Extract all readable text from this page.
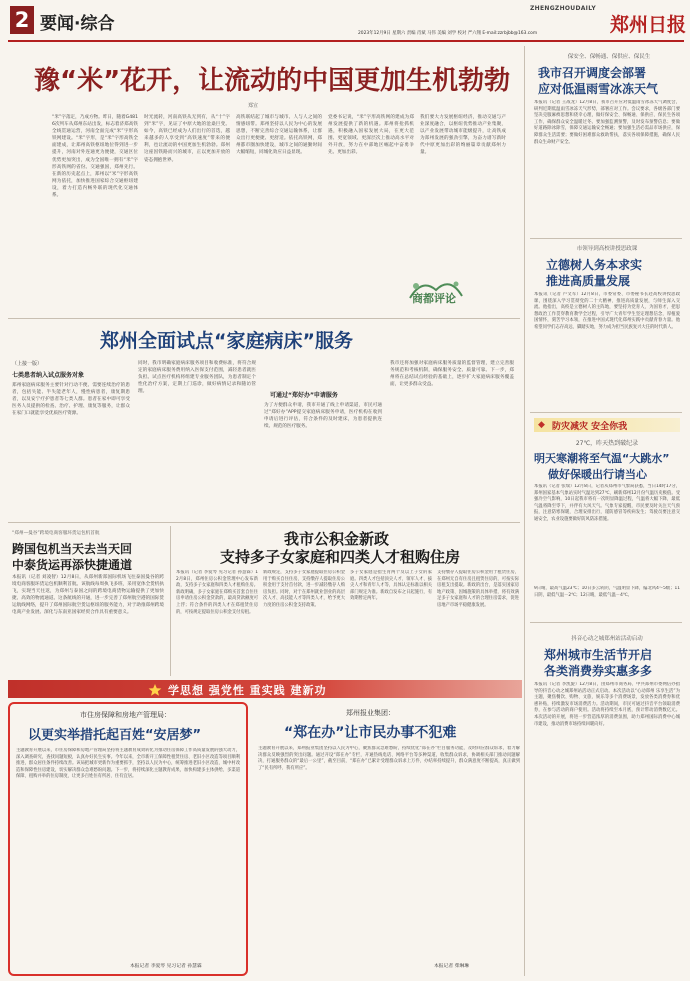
2 要闻·综合
ZHENGZHOUDAILY
郑州日报
2023年12月9日 星期六 责编 肖斌 马伟 美编 刘学 校对 严六翔 E-mail:zzrbjbb@163.com
豫“米”花开，让流动的中国更加生机勃勃
郑宣
“米”字落定，乃成方物。昨日，随着G4816次列车从郑州东站出发，标志着济郑高铁全线贯通运营，河南全面完成“米”字形高铁网建设。“米”字形，是“米”字形高铁全面建成，让郑州高铁枢纽地位得到进一步提升，河南对外连通更为便捷，交通区位优势更加突出，成为全国唯一拥有“米”字形高铁网的省份。交通强国，郑州先行。在新的历史起点上，郑州以“米”字形高铁网为依托，加快推进国家综合交通枢纽建设，着力打造内畅外联的现代化交通体系。
时光流转，河南高铁从无到有，从“十”字到“米”字，见证了中原大地的沧桑巨变。如今，高铁已经成为人们出行的首选，越来越多的人享受到“高铁速度”带来的便利，也让流动的中国更加生机勃勃。郑州这座因铁路而兴的城市，正以更加开放的姿态拥抱世界。
高铁联结起了城市与城市、人与人之间的情感纽带。郑州坚持以人民为中心的发展思想，不断完善综合交通运输体系，让群众出行更便捷、更舒适。依托高铁网，郑州都市圈加快建设，城市之间的通勤时间大幅缩短，同城化效应日益显现。
党委书记说，“米”字形高铁网的建成为郑州发展提供了新的机遇。郑州将抢抓机遇，积极融入国家发展大局，在更大范围、更宽领域、更深层次上推动高水平对外开放，努力在中部地区崛起中奋勇争先、更加出彩。
我们要大力发展枢纽经济，推动交通与产业深度融合，以枢纽优势推动产业集聚，以产业发展带动城市能级提升，让高铁成为郑州发展的强劲引擎，为奋力谱写新时代中原更加出彩的绚丽篇章贡献郑州力量。
商都评论
保安全、保畅通、保供应、保民生
我市召开调度会部署
应对低温雨雪冰冻天气
本报讯（记者 王战龙）12月8日，我市召开应对低温雨雪冰冻天气调度会，研判近期低温雨雪冰冻天气形势，部署应对工作。会议要求，各级各部门要坚决克服麻痹思想和侥幸心理，做好保安全、保畅通、保供应、保民生各项工作，确保群众安全温暖过冬。要加强监测预警，及时发布预警信息；要做好道路除冰除雪，保障交通运输安全畅通；要加强生活必需品市场供应，保障群众生活需要；要做好困难群众救助帮扶，落实各项保障措施，确保人民群众生命财产安全。
市领导到高校讲授思政课
立德树人务本求实
推进高质量发展
本报讯（记者 卢文军）12月8日，市委常委、市委秘书长赴高校讲授思政课，围绕深入学习贯彻党的二十大精神、推进高质量发展，与师生深入交流。他指出，高校是立德树人的主阵地，要坚持为党育人、为国育才，把思想政治工作贯穿教育教学全过程，引导广大青年学生坚定理想信念，厚植爱国情怀，刻苦学习本领，在推进中国式现代化郑州实践中贡献青春力量。他希望同学们志存高远、脚踏实地，努力成为担当民族复兴大任的时代新人。
郑州全面试点“家庭病床”服务
（上接一版）
七类患者纳入试点服务对象
郑州家庭病床服务主要针对行动不便、需要连续治疗的患者，包括失能、半失能老年人，慢性病患者，康复期患者，以及安宁疗护患者等七类人群。患者在家中即可享受医务人员提供的检查、治疗、护理、康复等服务，让群众在家门口就能享受优质医疗资源。
同时，我市明确家庭病床服务项目和收费标准，将符合规定的家庭病床服务费用纳入医保支付范围，减轻患者就医负担。试点医疗机构将组建专业服务团队，为患者制定个性化治疗方案，定期上门巡诊，做好病情记录和随访管理。
可通过“郑好办”申请服务
为了方便群众申请，我市开通了线上申请渠道，市民可通过“郑好办”APP提交家庭病床服务申请，医疗机构在收到申请后进行评估，符合条件的及时建床，为患者提供连续、规范的医疗服务。
我市还将加强对家庭病床服务质量的监督管理，建立完善服务规范和考核机制，确保服务安全、质量可靠。下一步，郑州将在总结试点经验的基础上，逐步扩大家庭病床服务覆盖面，让更多群众受益。
“郑州—曼谷”跨境电商客服环货运包机首航
跨国包机当天去当天回
中泰货运再添快捷通道
本报讯（记者 刘凌智）12月8日，从郑州新郑国际机场飞往泰国曼谷的跨境电商客服环货运包机顺利首航。该航线每周执飞多班，采用宽体全货机执飞，实现当天往返，为郑州与泰国之间的跨境电商货物运输提供了更加快捷、高效的物流通道。这条航线的开通，进一步完善了郑州航空港的国际货运航线网络，提升了郑州国际航空货运枢纽的服务能力，对于助推郑州跨境电商产业发展、深化与东南亚国家经贸合作具有重要意义。
我市公积金新政
支持多子女家庭和四类人才租购住房
本报讯（记者 李爱琴 见习记者 孙慧霖）12月8日，郑州住房公积金管理中心发布新政，支持多子女家庭和四类人才租购住房。新政明确，多子女家庭在郑购买首套自住住房申请住房公积金贷款的，最高贷款额度可上浮；符合条件的四类人才在郑租赁住房的，可按规定提取住房公积金支付房租。
新政规定，支持多子女家庭提取住房公积金用于购买自住住房，支持缴存人提取住房公积金用于支付首付款，进一步减轻缴存人购房负担。同时，对于在郑州就业创业的高层次人才、高技能人才等四类人才，给予更大力度的住房公积金支持政策。
多子女家庭是指生育两个及以上子女的家庭。四类人才包括顶尖人才、领军人才、拔尖人才和青年人才等，具体认定标准以相关部门规定为准。新政自发布之日起施行，有效期暂定两年。
支持缴存人提取住房公积金用于租赁住房，在郑州无自有住房且租赁住房的，可按实际房租支出提取。新政的出台，是落实国家房地产政策、因城施策的具体举措，将有效满足多子女家庭和人才的合理住房需求，促进房地产市场平稳健康发展。
学思想 强党性 重实践 建新功
市住房保障和房地产管理局：
以更实举措托起百姓“安居梦”
主题教育开展以来，市住房保障和房地产管理局坚持将主题教育成效转化为推动住房保障工作高质量发展的强大动力，深入调查研究，查找问题短板，认真办好民生实事。今年以来，全市新开工保障性租赁住房、老旧小区改造等项目顺利推进，群众居住条件持续改善。该局把城市更新作为重要抓手，坚持以人民为中心，统筹推进老旧小区改造、城中村改造和保障性住房建设，切实解决群众急难愁盼问题。下一步，将持续深化主题教育成果，加快构建多主体供给、多渠道保障、租购并举的住房制度，让更多百姓住有所居、住有宜居。
本报记者 李爱琴 见习记者 孙慧霖
郑州报业集团：
“郑在办”让市民办事不犯难
主题教育开展以来，郑州报业集团坚持以人民为中心，聚焦群众急难愁盼，持续优化“郑在办”栏目服务功能，及时回应群众诉求，着力解决群众反映强烈的突出问题。通过开设“郑在办”专栏，开通热线电话、网络平台等多种渠道，收集群众诉求，协调相关部门推动问题解决，打通服务群众的“最后一公里”，截至目前，“郑在办”已累计受理群众诉求上万件，办结率持续提升，群众满意度不断提高，真正做到了“民有所呼、我有所应”。
本报记者 柴琳琳
◆ 防灾减灾 安全你我
27℃，昨天热到破纪录
明天寒潮将至气温“大跳水”
做好保暖出行请当心
本报讯（记者 张瑞）12月8日，记者从郑州市气象局获悉，当日14时17分，郑州国家基本气象站实时气温达到27℃，刷新郑州12月份气温历史极值。受强冷空气影响，10日起我市将有一次明显降温过程，气温将大幅下降，最低气温将降至零下，并伴有大风天气。气象专家提醒，市民要及时关注天气预报，注意防寒保暖，合理安排出行，谨防感冒等疾病发生；驾驶员要注意交通安全，农业设施要做好防风防冻措施。
9日晴，最高气温23℃；10日多云转阴，气温明显下降，偏北风4～5级；11日阴，最低气温－2℃；12日晴，最低气温－4℃。
抖音心动之城郑州站活动启动
郑州城市生活节开启
各类消费券实惠多多
本报讯（记者 李凯旋）12月8日，由郑州市商务局、中共郑州市委网信办指导的抖音心动之城郑州站活动正式启动。本次活动以“心动郑州 乐享生活”为主题，聚焦餐饮、购物、文旅、娱乐等多个消费场景，发放各类消费券和优惠补贴，持续激发市场消费活力。活动期间，市民可通过抖音平台领取消费券，在参与活动的商户使用。活动将持续至本月底，预计带动消费数亿元。本次活动的开展，将进一步营造浓厚的消费氛围，助力郑州国际消费中心城市建设，推动消费市场持续回暖向好。
